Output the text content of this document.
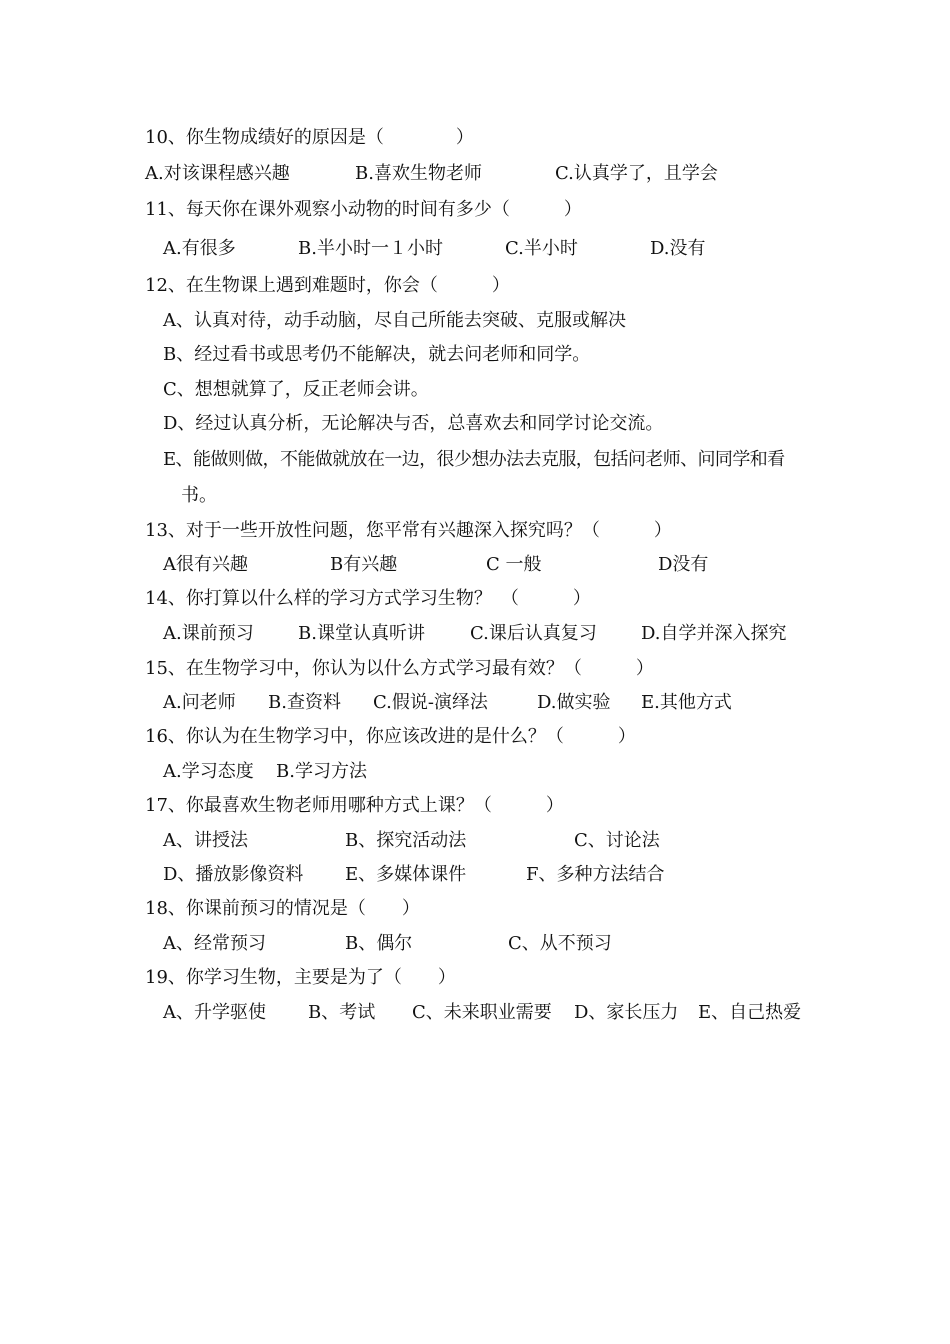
10、你生物成绩好的原因是（　　　　）
A.对该课程感兴趣	B.喜欢生物老师	C.认真学了，且学会
11、每天你在课外观察小动物的时间有多少（　　　）
A.有很多	B.半小时一１小时	C.半小时	D.没有
12、在生物课上遇到难题时，你会（　　　）
A、认真对待，动手动脑，尽自己所能去突破、克服或解决
B、经过看书或思考仍不能解决，就去问老师和同学。
C、想想就算了，反正老师会讲。
D、经过认真分析，无论解决与否，总喜欢去和同学讨论交流。
E、能做则做，不能做就放在一边，很少想办法去克服，包括问老师、问同学和看
书。
13、对于一些开放性问题，您平常有兴趣深入探究吗？（　　　）
A很有兴趣	B有兴趣	C 一般	D没有
14、你打算以什么样的学习方式学习生物？　（　　　）
A.课前预习 B.课堂认真听讲	C.课后认真复习 D.自学并深入探究
15、在生物学习中，你认为以什么方式学习最有效？（　　　）
A.问老师 B.查资料 C.假说-演绎法	D.做实验 E.其他方式
16、你认为在生物学习中，你应该改进的是什么？（　　　）
A.学习态度 B.学习方法
17、你最喜欢生物老师用哪种方式上课？（　　　）
A、讲授法	B、探究活动法	C、讨论法
D、播放影像资料 E、多媒体课件	F、多种方法结合
18、你课前预习的情况是（　　）
A、经常预习	B、偶尔	C、从不预习
19、你学习生物，主要是为了（　　）
A、升学驱使 B、考试 C、未来职业需要 D、家长压力 E、自己热爱
